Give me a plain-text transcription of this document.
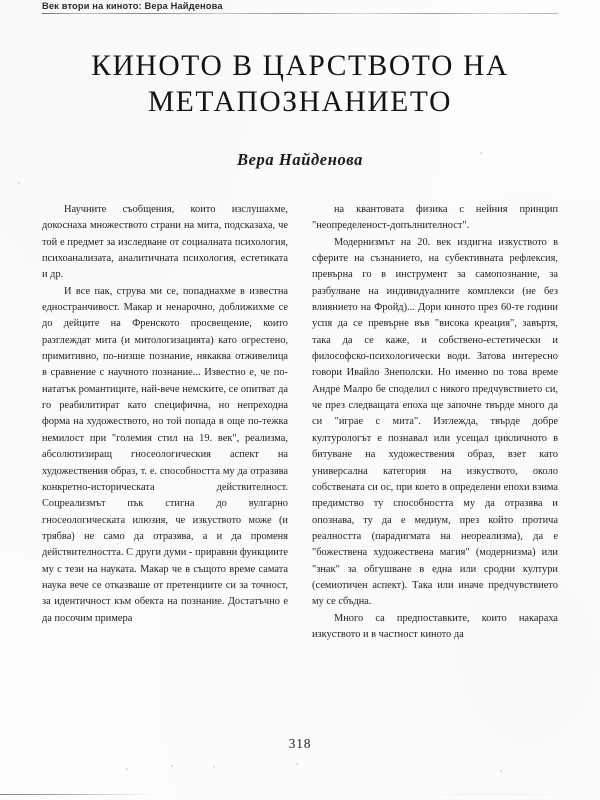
Век втори на киното: Вера Найденова
КИНОТО В ЦАРСТВОТО НА МЕТАПОЗНАНИЕТО
Вера Найденова

Научните съобщения, които изслушахме, докоснаха множеството страни на мита, подсказаха, че той е предмет за изследване от социалната психология, психоанализата, аналитичната психология, естетиката и др.

И все пак, струва ми се, попаднахме в известна едностранчивост. Макар и ненарочно, доближихме се до дейците на Френското просвещение, които разглеждат мита (и митологизацията) като огрестено, примитивно, по-низше познание, някаква отживелица в сравнение с научното познание... Известно е, че по-нататък романтиците, най-вече немските, се опитват да го реабилитират като специфична, но непреходна форма на художеството, но той попада в още по-тежка немилост при "големия стил на 19. век", реализма, абсолютизиращ гносеологическия аспект на художествения образ, т. е. способността му да отразява конкретно-историческата действителност. Соцреализмът пък стигна до вулгарно гносеологическата илюзия, че изкуството може (и трябва) не само да отразява, а и да променя действителността. С други думи - приравни функциите му с тези на науката. Макар че в същото време самата наука вече се отказваше от претенциите си за точност, за идентичност към обекта на познание. Достатъчно е да посочим примера

на квантовата физика с нейния принцип "неопределеност-допълнителност".

Модернизмът на 20. век издигна изкуството в сферите на съзнанието, на субективната рефлексия, превърна го в инструмент за самопознание, за разбулване на индивидуалните комплекси (не без влиянието на Фройд)... Дори киното през 60-те години успя да се превърне във "висока креация", завъртя, така да се каже, и собствено-естетически и философско-психологически води. Затова интересно говори Ивайло Знеполски. Но именно по това време Андре Малро бе споделил с някого предчувствието си, че през следващата епоха ще започне твърде много да си "играе с мита". Изглежда, твърде добре културологът е познавал или усещал цикличното в битуване на художествения образ, взет като универсална категория на изкуството, около собствената си ос, при което в определени епохи взима предимство ту способността му да отразява и опознава, ту да е медиум, през който протича реалността (парадигмата на неореализма), да е "божествена художествена магия" (модернизма) или "знак" за обгушване в една или сродни култури (семиотичен аспект). Така или иначе предчувствието му се сбъдна.

Много са предпоставките, които накараха изкуството и в частност киното да

318
